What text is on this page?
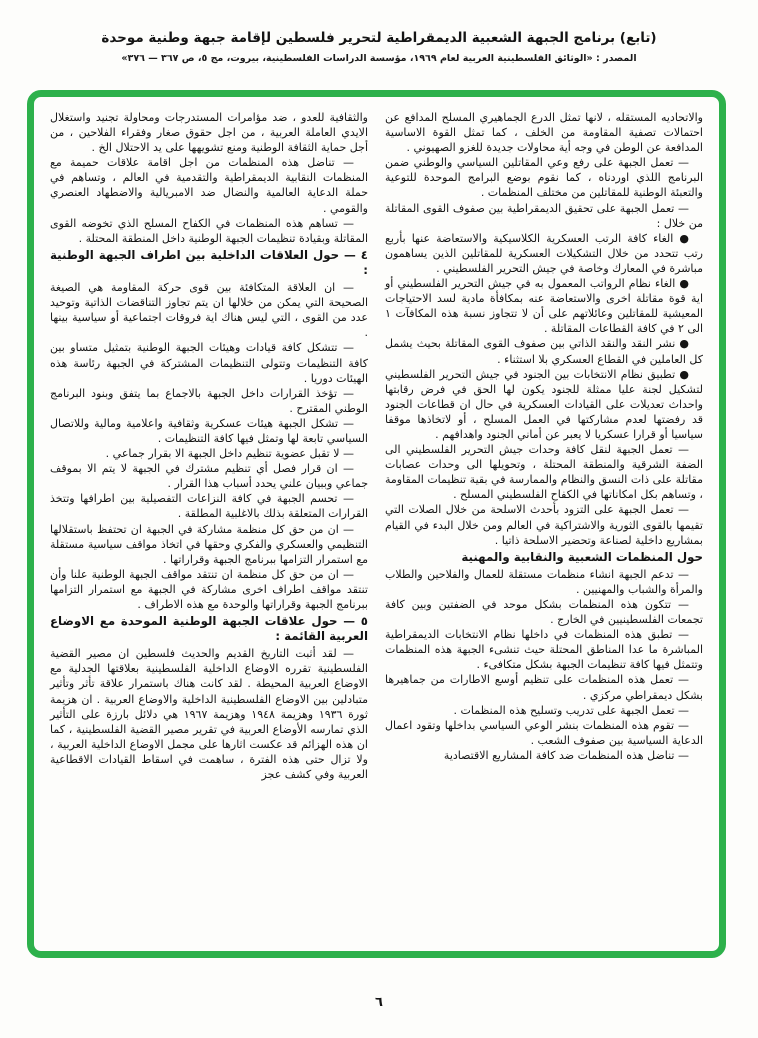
(تابع) برنامج الجبهة الشعبية الديمقراطية لتحرير فلسطين لإقامة جبهة وطنية موحدة

المصدر : «الوثائق الفلسطينية العربية لعام ١٩٦٩، مؤسسة الدراسات الفلسطينية، بيروت، مج ٥، ص ٣٦٧ — ٣٧٦»

والاتحاديه المستقله ، لانها تمثل الدرع الجماهيري المسلح المدافع عن احتمالات تصفية المقاومة من الخلف ، كما تمثل القوة الاساسية المدافعة عن الوطن في وجه أية محاولات جديدة للغزو الصهيوني .

— تعمل الجبهة على رفع وعي المقاتلين السياسي والوطني ضمن البرنامج اللذي اوردناه ، كما نقوم بوضع البرامج الموحدة للتوعية والتعبئة الوطنية للمقاتلين من مختلف المنظمات .

— تعمل الجبهة على تحقيق الديمقراطية بين صفوف القوى المقاتلة من خلال :

● الغاء كافة الرتب العسكرية الكلاسيكية والاستعاضة عنها بأربع رتب تتحدد من خلال التشكيلات العسكرية للمقاتلين الذين يساهمون مباشرة في المعارك وخاصة في جيش التحرير الفلسطيني .

● الغاء نظام الرواتب المعمول به في جيش التحرير الفلسطيني أو اية قوة مقاتلة اخرى والاستعاضة عنه بمكافأة مادية لسد الاحتياجات المعيشية للمقاتلين وعائلاتهم على أن لا تتجاوز نسبة هذه المكافآت ١ الى ٢ في كافة القطاعات المقاتلة .

● نشر النقد والنقد الذاتي بين صفوف القوى المقاتلة بحيث يشمل كل العاملين في القطاع العسكري بلا استثناء .

● تطبيق نظام الانتخابات بين الجنود في جيش التحرير الفلسطيني لتشكيل لجنة عليا ممثلة للجنود يكون لها الحق في فرض رقابتها واحداث تعديلات على القيادات العسكرية في حال ان قطاعات الجنود قد رفضتها لعدم مشاركتها في العمل المسلح ، أو لاتخاذها موقفا سياسيا أو قرارا عسكريا لا يعبر عن أماني الجنود واهدافهم .

— تعمل الجبهة لنقل كافة وحدات جيش التحرير الفلسطيني الى الضفة الشرقية والمنطقة المحتلة ، وتحويلها الى وحدات عصابات مقاتلة على ذات النسق والنظام والممارسة في بقية تنظيمات المقاومة ، وتساهم بكل امكاناتها في الكفاح الفلسطيني المسلح .

— تعمل الجبهة على التزود بأحدث الاسلحة من خلال الصلات التي تقيمها بالقوى الثورية والاشتراكية في العالم ومن خلال البدء في القيام بمشاريع داخلية لصناعة وتحضير الاسلحة ذاتيا .

حول المنظمات الشعبية والنقابية والمهنية

— تدعم الجبهة انشاء منظمات مستقلة للعمال والفلاحين والطلاب والمرأة والشباب والمهنيين .

— تتكون هذه المنظمات بشكل موحد في الضفتين وبين كافة تجمعات الفلسطينيين في الخارج .

— تطبق هذه المنظمات في داخلها نظام الانتخابات الديمقراطية المباشرة ما عدا المناطق المحتلة حيث تنشىء الجبهة هذه المنظمات وتتمثل فيها كافة تنظيمات الجبهة بشكل متكافىء .

— تعمل هذه المنظمات على تنظيم أوسع الاطارات من جماهيرها بشكل ديمقراطي مركزي .

— تعمل الجبهة على تدريب وتسليح هذه المنظمات .

— تقوم هذه المنظمات بنشر الوعي السياسي بداخلها وتقود اعمال الدعاية السياسية بين صفوف الشعب .

— تناضل هذه المنظمات ضد كافة المشاريع الاقتصادية

والثقافية للعدو ، ضد مؤامرات المستدرجات ومحاولة تجنيد واستغلال الايدي العاملة العربية ، من اجل حقوق صغار وفقراء الفلاحين ، من أجل حماية الثقافة الوطنية ومنع تشويهها على يد الاحتلال الخ .

— تناضل هذه المنظمات من اجل اقامة علاقات حميمة مع المنظمات النقابية الديمقراطية والتقدمية في العالم ، وتساهم في حملة الدعاية العالمية والنضال ضد الامبريالية والاضطهاد العنصري والقومي .

— تساهم هذه المنظمات في الكفاح المسلح الذي تخوضه القوى المقاتلة وبقيادة تنظيمات الجبهة الوطنية داخل المنطقة المحتلة .

٤ — حول العلاقات الداخلية بين اطراف الجبهة الوطنية :

— ان العلاقة المتكافئة بين قوى حركة المقاومة هي الصيغة الصحيحة التي يمكن من خلالها ان يتم تجاوز التناقضات الذاتية وتوحيد عدد من القوى ، التي ليس هناك اية فروقات اجتماعية أو سياسية بينها .

— تتشكل كافة قيادات وهيئات الجبهة الوطنية بتمثيل متساو بين كافة التنظيمات وتتولى التنظيمات المشتركة في الجبهة رئاسة هذه الهيئات دوريا .

— تؤخذ القرارات داخل الجبهة بالاجماع بما يتفق وبنود البرنامج الوطني المقترح .

— تشكل الجبهة هيئات عسكرية وثقافية واعلامية ومالية وللاتصال السياسي تابعة لها وتمثل فيها كافة التنظيمات .

— لا تقبل عضوية تنظيم داخل الجبهة الا بقرار جماعي .

— ان قرار فصل أي تنظيم مشترك في الجبهة لا يتم الا بموقف جماعي وببيان علني يحدد أسباب هذا القرار .

— تحسم الجبهة في كافة النزاعات التفصيلية بين اطرافها وتتخذ القرارات المتعلقة بذلك بالاغلبية المطلقة .

— ان من حق كل منظمة مشاركة في الجبهة ان تحتفظ باستقلالها التنظيمي والعسكري والفكري وحقها في اتخاذ مواقف سياسية مستقلة مع استمرار التزامها ببرنامج الجبهة وقراراتها .

— ان من حق كل منظمة ان تنتقد مواقف الجبهة الوطنية علنا وأن تنتقد مواقف اطراف اخرى مشاركة في الجبهة مع استمرار التزامها ببرنامج الجبهة وقراراتها والوحدة مع هذه الاطراف .

٥ — حول علاقات الجبهة الوطنية الموحدة مع الاوضاع العربية القائمة :

— لقد أثبت التاريخ القديم والحديث فلسطين ان مصير القضية الفلسطينية تقرره الاوضاع الداخلية الفلسطينية بعلاقتها الجدلية مع الاوضاع العربية المحيطة . لقد كانت هناك باستمرار علاقة تأثر وتأثير متبادلين بين الاوضاع الفلسطينية الداخلية والاوضاع العربية . ان هزيمة ثورة ١٩٣٦ وهزيمة ١٩٤٨ وهزيمة ١٩٦٧ هي دلائل بارزة على التأثير الذي تمارسه الأوضاع العربية في تقرير مصير القضية الفلسطينية ، كما ان هذه الهزائم قد عكست اثارها على مجمل الاوضاع الداخلية العربية ، ولا تزال حتى هذه الفترة ، ساهمت في اسقاط القيادات الاقطاعية العربية وفي كشف عجز

٦
